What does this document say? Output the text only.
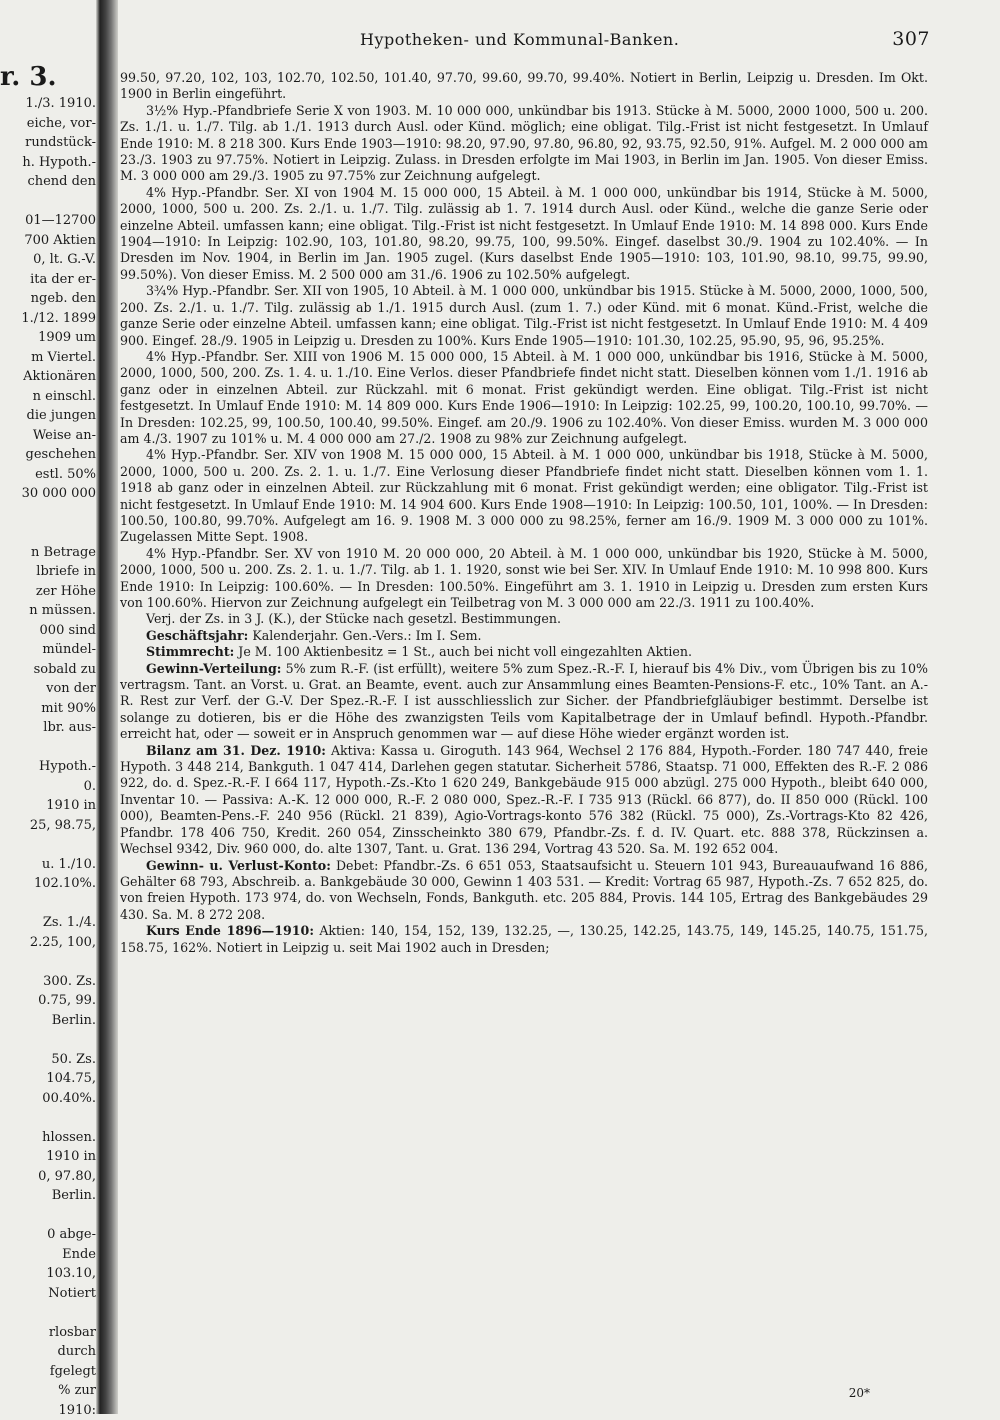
Hypotheken- und Kommunal-Banken.	307
r. 3.
1./3. 1910.
eiche, vor-
rundstück-
h. Hypoth.-
chend den
01—12700
700 Aktien
0, lt. G.-V.
ita der er-
ngeb. den
1./12. 1899
1909 um
m Viertel.
Aktionären
n einschl.
die jungen
Weise an-
geschehen
estl. 50%
30 000 000
n Betrage
lbriefe in
zer Höhe
n müssen.
000 sind
mündel-
sobald zu
von der
mit 90%
lbr. aus-
Hypoth.-
0.
1910 in
25, 98.75,
u. 1./10.
102.10%.
Zs. 1./4.
2.25, 100,
300. Zs.
0.75, 99.
Berlin.
50. Zs.
104.75,
00.40%.
hlossen.
1910 in
0, 97.80,
Berlin.
0 abge-
Ende
103.10,
Notiert
rlosbar
durch
fgelegt
% zur
1910:

99.50, 97.20, 102, 103, 102.70, 102.50, 101.40, 97.70, 99.60, 99.70, 99.40%. Notiert in Berlin, Leipzig u. Dresden. Im Okt. 1900 in Berlin eingeführt.

3½% Hyp.-Pfandbriefe Serie X von 1903. M. 10 000 000, unkündbar bis 1913. Stücke à M. 5000, 2000 1000, 500 u. 200. Zs. 1./1. u. 1./7. Tilg. ab 1./1. 1913 durch Ausl. oder Künd. möglich; eine obligat. Tilg.-Frist ist nicht festgesetzt. In Umlauf Ende 1910: M. 8 218 300. Kurs Ende 1903—1910: 98.20, 97.90, 97.80, 96.80, 92, 93.75, 92.50, 91%. Aufgel. M. 2 000 000 am 23./3. 1903 zu 97.75%. Notiert in Leipzig. Zulass. in Dresden erfolgte im Mai 1903, in Berlin im Jan. 1905. Von dieser Emiss. M. 3 000 000 am 29./3. 1905 zu 97.75% zur Zeichnung aufgelegt.

4% Hyp.-Pfandbr. Ser. XI von 1904 M. 15 000 000, 15 Abteil. à M. 1 000 000, unkündbar bis 1914, Stücke à M. 5000, 2000, 1000, 500 u. 200. Zs. 2./1. u. 1./7. Tilg. zulässig ab 1. 7. 1914 durch Ausl. oder Künd., welche die ganze Serie oder einzelne Abteil. umfassen kann; eine obligat. Tilg.-Frist ist nicht festgesetzt. In Umlauf Ende 1910: M. 14 898 000. Kurs Ende 1904—1910: In Leipzig: 102.90, 103, 101.80, 98.20, 99.75, 100, 99.50%. Eingef. daselbst 30./9. 1904 zu 102.40%. — In Dresden im Nov. 1904, in Berlin im Jan. 1905 zugel. (Kurs daselbst Ende 1905—1910: 103, 101.90, 98.10, 99.75, 99.90, 99.50%). Von dieser Emiss. M. 2 500 000 am 31./6. 1906 zu 102.50% aufgelegt.

3¾% Hyp.-Pfandbr. Ser. XII von 1905, 10 Abteil. à M. 1 000 000, unkündbar bis 1915. Stücke à M. 5000, 2000, 1000, 500, 200. Zs. 2./1. u. 1./7. Tilg. zulässig ab 1./1. 1915 durch Ausl. (zum 1. 7.) oder Künd. mit 6 monat. Künd.-Frist, welche die ganze Serie oder einzelne Abteil. umfassen kann; eine obligat. Tilg.-Frist ist nicht festgesetzt. In Umlauf Ende 1910: M. 4 409 900. Eingef. 28./9. 1905 in Leipzig u. Dresden zu 100%. Kurs Ende 1905—1910: 101.30, 102.25, 95.90, 95, 96, 95.25%.

4% Hyp.-Pfandbr. Ser. XIII von 1906 M. 15 000 000, 15 Abteil. à M. 1 000 000, unkündbar bis 1916, Stücke à M. 5000, 2000, 1000, 500, 200. Zs. 1. 4. u. 1./10. Eine Verlos. dieser Pfandbriefe findet nicht statt. Dieselben können vom 1./1. 1916 ab ganz oder in einzelnen Abteil. zur Rückzahl. mit 6 monat. Frist gekündigt werden. Eine obligat. Tilg.-Frist ist nicht festgesetzt. In Umlauf Ende 1910: M. 14 809 000. Kurs Ende 1906—1910: In Leipzig: 102.25, 99, 100.20, 100.10, 99.70%. — In Dresden: 102.25, 99, 100.50, 100.40, 99.50%. Eingef. am 20./9. 1906 zu 102.40%. Von dieser Emiss. wurden M. 3 000 000 am 4./3. 1907 zu 101% u. M. 4 000 000 am 27./2. 1908 zu 98% zur Zeichnung aufgelegt.

4% Hyp.-Pfandbr. Ser. XIV von 1908 M. 15 000 000, 15 Abteil. à M. 1 000 000, unkündbar bis 1918, Stücke à M. 5000, 2000, 1000, 500 u. 200. Zs. 2. 1. u. 1./7. Eine Verlosung dieser Pfandbriefe findet nicht statt. Dieselben können vom 1. 1. 1918 ab ganz oder in einzelnen Abteil. zur Rückzahlung mit 6 monat. Frist gekündigt werden; eine obligator. Tilg.-Frist ist nicht festgesetzt. In Umlauf Ende 1910: M. 14 904 600. Kurs Ende 1908—1910: In Leipzig: 100.50, 101, 100%. — In Dresden: 100.50, 100.80, 99.70%. Aufgelegt am 16. 9. 1908 M. 3 000 000 zu 98.25%, ferner am 16./9. 1909 M. 3 000 000 zu 101%. Zugelassen Mitte Sept. 1908.

4% Hyp.-Pfandbr. Ser. XV von 1910 M. 20 000 000, 20 Abteil. à M. 1 000 000, unkündbar bis 1920, Stücke à M. 5000, 2000, 1000, 500 u. 200. Zs. 2. 1. u. 1./7. Tilg. ab 1. 1. 1920, sonst wie bei Ser. XIV. In Umlauf Ende 1910: M. 10 998 800. Kurs Ende 1910: In Leipzig: 100.60%. — In Dresden: 100.50%. Eingeführt am 3. 1. 1910 in Leipzig u. Dresden zum ersten Kurs von 100.60%. Hiervon zur Zeichnung aufgelegt ein Teilbetrag von M. 3 000 000 am 22./3. 1911 zu 100.40%.

Verj. der Zs. in 3 J. (K.), der Stücke nach gesetzl. Bestimmungen.

Geschäftsjahr: Kalenderjahr. Gen.-Vers.: Im I. Sem.

Stimmrecht: Je M. 100 Aktienbesitz = 1 St., auch bei nicht voll eingezahlten Aktien.

Gewinn-Verteilung: 5% zum R.-F. (ist erfüllt), weitere 5% zum Spez.-R.-F. I, hierauf bis 4% Div., vom Übrigen bis zu 10% vertragsm. Tant. an Vorst. u. Grat. an Beamte, event. auch zur Ansammlung eines Beamten-Pensions-F. etc., 10% Tant. an A.-R. Rest zur Verf. der G.-V. Der Spez.-R.-F. I ist ausschliesslich zur Sicher. der Pfandbriefgläubiger bestimmt. Derselbe ist solange zu dotieren, bis er die Höhe des zwanzigsten Teils vom Kapitalbetrage der in Umlauf befindl. Hypoth.-Pfandbr. erreicht hat, oder — soweit er in Anspruch genommen war — auf diese Höhe wieder ergänzt worden ist.

Bilanz am 31. Dez. 1910: Aktiva: Kassa u. Giroguth. 143 964, Wechsel 2 176 884, Hypoth.-Forder. 180 747 440, freie Hypoth. 3 448 214, Bankguth. 1 047 414, Darlehen gegen statutar. Sicherheit 5786, Staatsp. 71 000, Effekten des R.-F. 2 086 922, do. d. Spez.-R.-F. I 664 117, Hypoth.-Zs.-Kto 1 620 249, Bankgebäude 915 000 abzügl. 275 000 Hypoth., bleibt 640 000, Inventar 10. — Passiva: A.-K. 12 000 000, R.-F. 2 080 000, Spez.-R.-F. I 735 913 (Rückl. 66 877), do. II 850 000 (Rückl. 100 000), Beamten-Pens.-F. 240 956 (Rückl. 21 839), Agio-Vortrags-konto 576 382 (Rückl. 75 000), Zs.-Vortrags-Kto 82 426, Pfandbr. 178 406 750, Kredit. 260 054, Zinsscheinkto 380 679, Pfandbr.-Zs. f. d. IV. Quart. etc. 888 378, Rückzinsen a. Wechsel 9342, Div. 960 000, do. alte 1307, Tant. u. Grat. 136 294, Vortrag 43 520. Sa. M. 192 652 004.

Gewinn- u. Verlust-Konto: Debet: Pfandbr.-Zs. 6 651 053, Staatsaufsicht u. Steuern 101 943, Bureauaufwand 16 886, Gehälter 68 793, Abschreib. a. Bankgebäude 30 000, Gewinn 1 403 531. — Kredit: Vortrag 65 987, Hypoth.-Zs. 7 652 825, do. von freien Hypoth. 173 974, do. von Wechseln, Fonds, Bankguth. etc. 205 884, Provis. 144 105, Ertrag des Bankgebäudes 29 430. Sa. M. 8 272 208.

Kurs Ende 1896—1910: Aktien: 140, 154, 152, 139, 132.25, —, 130.25, 142.25, 143.75, 149, 145.25, 140.75, 151.75, 158.75, 162%. Notiert in Leipzig u. seit Mai 1902 auch in Dresden;

20*
